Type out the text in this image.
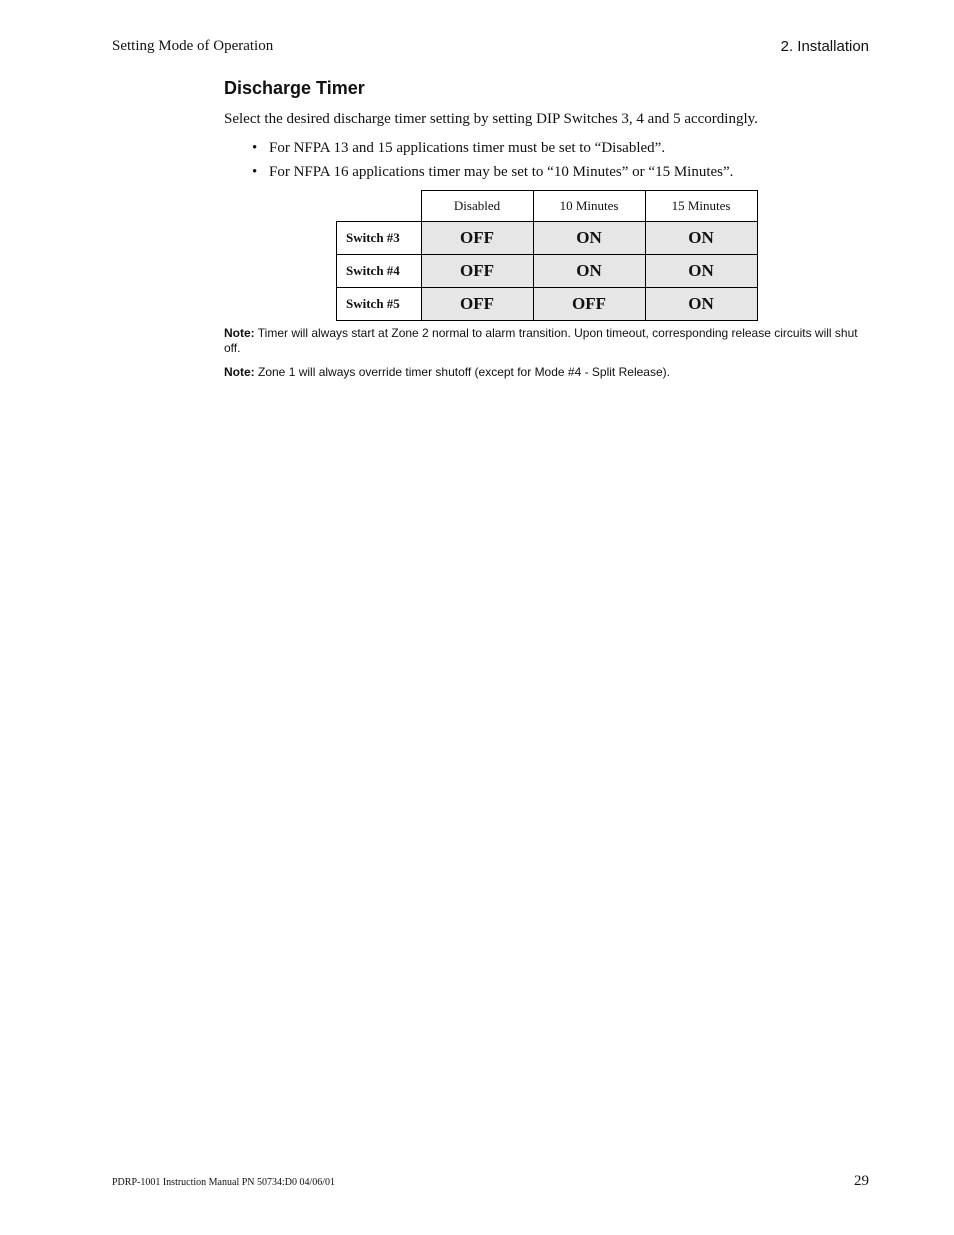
Setting Mode of Operation	2. Installation
Discharge Timer

Select the desired discharge timer setting by setting DIP Switches 3, 4 and 5 accordingly.

• For NFPA 13 and 15 applications timer must be set to “Disabled”.
• For NFPA 16 applications timer may be set to “10 Minutes” or “15 Minutes”.
	Disabled	10 Minutes	15 Minutes
Switch #3	OFF	ON	ON
Switch #4	OFF	ON	ON
Switch #5	OFF	OFF	ON

Note: Timer will always start at Zone 2 normal to alarm transition. Upon timeout, corresponding release circuits will shut off.

Note: Zone 1 will always override timer shutoff (except for Mode #4 - Split Release).

PDRP-1001 Instruction Manual PN 50734:D0 04/06/01	29
